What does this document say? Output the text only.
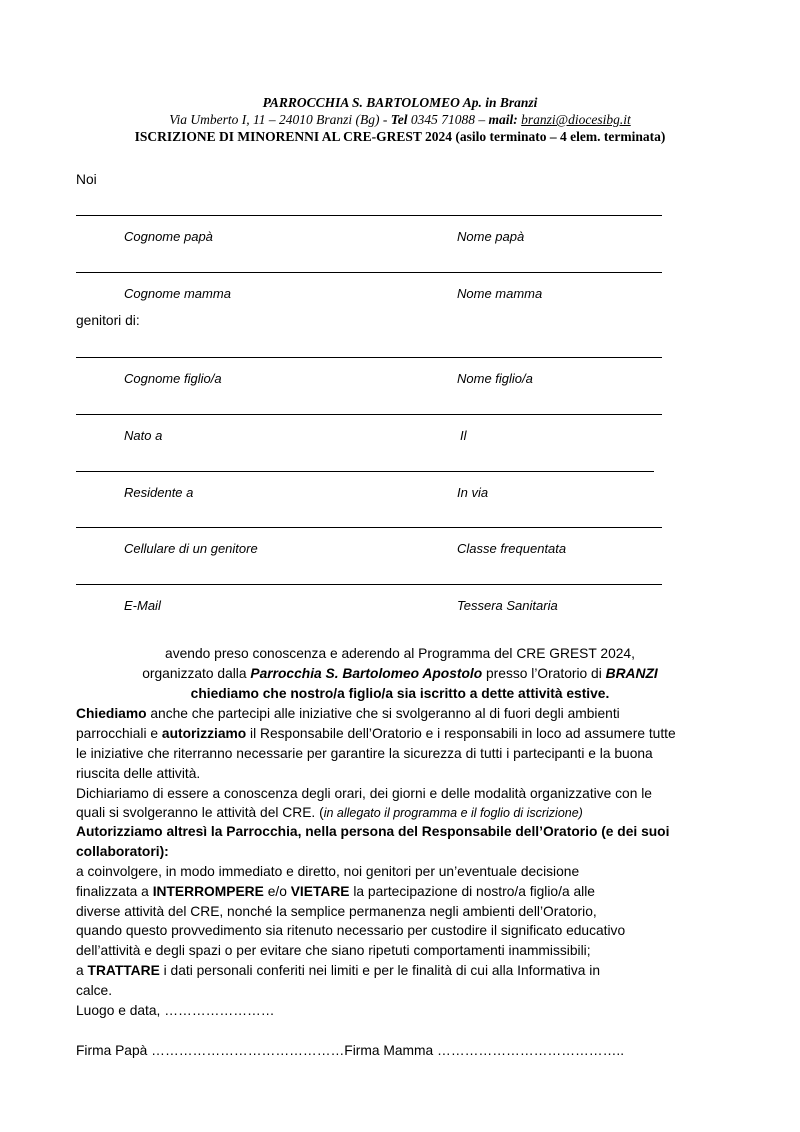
PARROCCHIA S. BARTOLOMEO Ap. in Branzi
Via Umberto I, 11 – 24010 Branzi (Bg) - Tel 0345 71088 – mail: branzi@diocesibg.it
ISCRIZIONE DI MINORENNI AL CRE-GREST 2024 (asilo terminato – 4 elem. terminata)
Noi
Cognome papà	Nome papà
Cognome mamma	Nome mamma
genitori di:
Cognome figlio/a	Nome figlio/a
Nato a	Il
Residente a	In via
Cellulare di un genitore	Classe frequentata
E-Mail	Tessera Sanitaria
avendo preso conoscenza e aderendo al Programma del CRE GREST 2024,
organizzato dalla Parrocchia S. Bartolomeo Apostolo presso l’Oratorio di BRANZI
chiediamo che nostro/a figlio/a sia iscritto a dette attività estive.
Chiediamo anche che partecipi alle iniziative che si svolgeranno al di fuori degli ambienti
parrocchiali e autorizziamo il Responsabile dell’Oratorio e i responsabili in loco ad assumere tutte
le iniziative che riterranno necessarie per garantire la sicurezza di tutti i partecipanti e la buona
riuscita delle attività.
Dichiariamo di essere a conoscenza degli orari, dei giorni e delle modalità organizzative con le
quali si svolgeranno le attività del CRE. (in allegato il programma e il foglio di iscrizione)
Autorizziamo altresì la Parrocchia, nella persona del Responsabile dell’Oratorio (e dei suoi
collaboratori):
a coinvolgere, in modo immediato e diretto, noi genitori per un’eventuale decisione
finalizzata a INTERROMPERE e/o VIETARE la partecipazione di nostro/a figlio/a alle
diverse attività del CRE, nonché la semplice permanenza negli ambienti dell’Oratorio,
quando questo provvedimento sia ritenuto necessario per custodire il significato educativo
dell’attività e degli spazi o per evitare che siano ripetuti comportamenti inammissibili;
a TRATTARE i dati personali conferiti nei limiti e per le finalità di cui alla Informativa in
calce.
Luogo e data, ……………………
Firma Papà ……………………………………Firma Mamma …………………………………..
